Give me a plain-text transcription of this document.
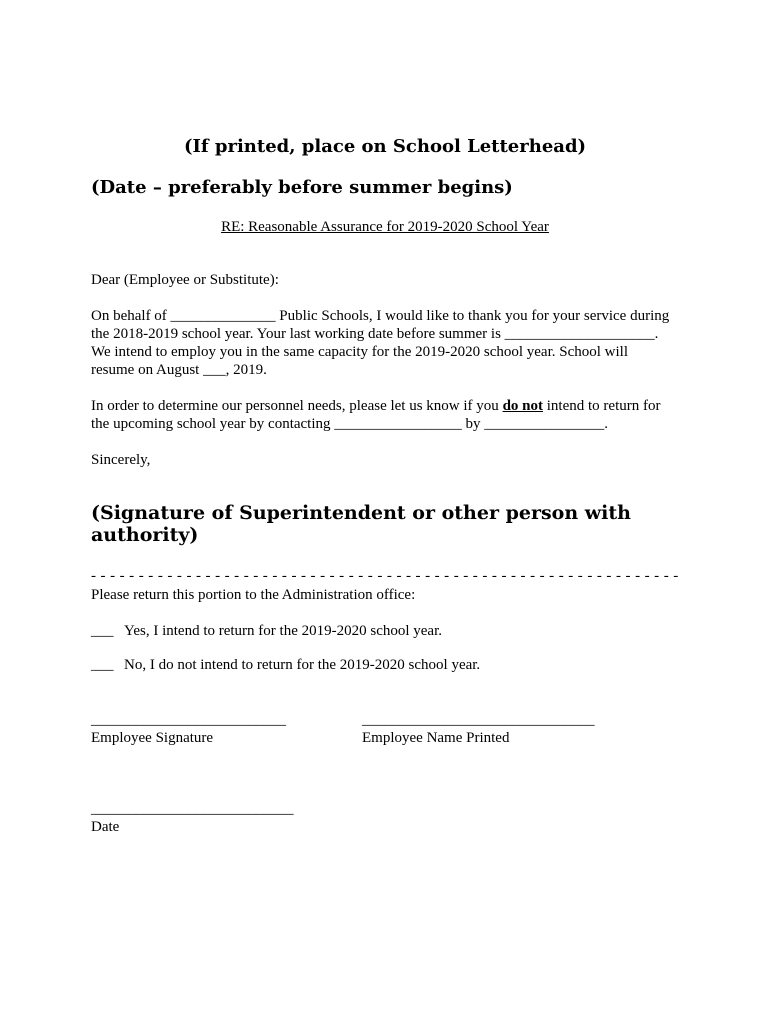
(If printed, place on School Letterhead)
(Date – preferably before summer begins)
RE: Reasonable Assurance for 2019-2020 School Year
Dear (Employee or Substitute):
On behalf of ______________ Public Schools, I would like to thank you for your service during
the 2018-2019 school year. Your last working date before summer is ____________________.
We intend to employ you in the same capacity for the 2019-2020 school year. School will
resume on August ___, 2019.
In order to determine our personnel needs, please let us know if you do not intend to return for
the upcoming school year by contacting _________________ by ________________.
Sincerely,
(Signature of Superintendent or other person with authority)
- - - - - - - - - - - - - - - - - - - - - - - - - - - - - - - - - - - - - - - - - - - - - - - - - - - - - - - - - - - - - -
Please return this portion to the Administration office:
___ Yes, I intend to return for the 2019-2020 school year.
___ No, I do not intend to return for the 2019-2020 school year.
__________________________
Employee Signature
_______________________________
Employee Name Printed
___________________________
Date
